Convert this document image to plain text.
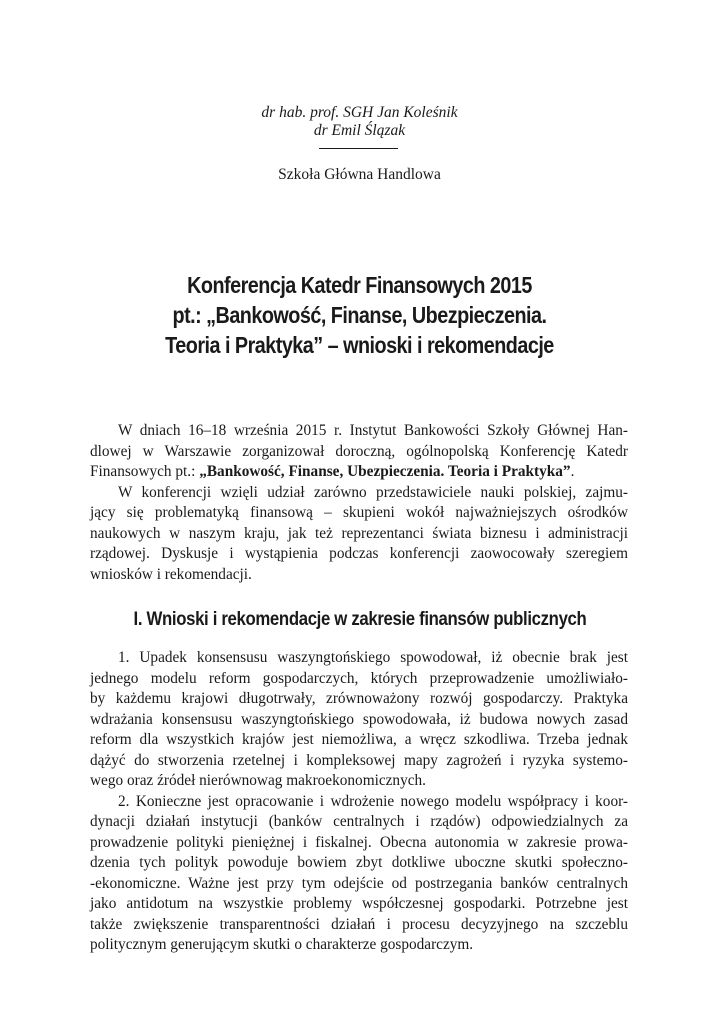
dr hab. prof. SGH Jan Koleśnik
dr Emil Ślązak
Szkoła Główna Handlowa
Konferencja Katedr Finansowych 2015
pt.: „Bankowość, Finanse, Ubezpieczenia.
Teoria i Praktyka” – wnioski i rekomendacje
W dniach 16–18 września 2015 r. Instytut Bankowości Szkoły Głównej Han-
dlowej w Warszawie zorganizował doroczną, ogólnopolską Konferencję Katedr
Finansowych pt.: „Bankowość, Finanse, Ubezpieczenia. Teoria i Praktyka”.
W konferencji wzięli udział zarówno przedstawiciele nauki polskiej, zajmu-
jący się problematyką finansową – skupieni wokół najważniejszych ośrodków
naukowych w naszym kraju, jak też reprezentanci świata biznesu i administracji
rządowej. Dyskusje i wystąpienia podczas konferencji zaowocowały szeregiem
wniosków i rekomendacji.
I. Wnioski i rekomendacje w zakresie finansów publicznych
1. Upadek konsensusu waszyngtońskiego spowodował, iż obecnie brak jest
jednego modelu reform gospodarczych, których przeprowadzenie umożliwiało-
by każdemu krajowi długotrwały, zrównoważony rozwój gospodarczy. Praktyka
wdrażania konsensusu waszyngtońskiego spowodowała, iż budowa nowych zasad
reform dla wszystkich krajów jest niemożliwa, a wręcz szkodliwa. Trzeba jednak
dążyć do stworzenia rzetelnej i kompleksowej mapy zagrożeń i ryzyka systemo-
wego oraz źródeł nierównowag makroekonomicznych.
2. Konieczne jest opracowanie i wdrożenie nowego modelu współpracy i koor-
dynacji działań instytucji (banków centralnych i rządów) odpowiedzialnych za
prowadzenie polityki pieniężnej i fiskalnej. Obecna autonomia w zakresie prowa-
dzenia tych polityk powoduje bowiem zbyt dotkliwe uboczne skutki społeczno-
-ekonomiczne. Ważne jest przy tym odejście od postrzegania banków centralnych
jako antidotum na wszystkie problemy współczesnej gospodarki. Potrzebne jest
także zwiększenie transparentności działań i procesu decyzyjnego na szczeblu
politycznym generującym skutki o charakterze gospodarczym.
